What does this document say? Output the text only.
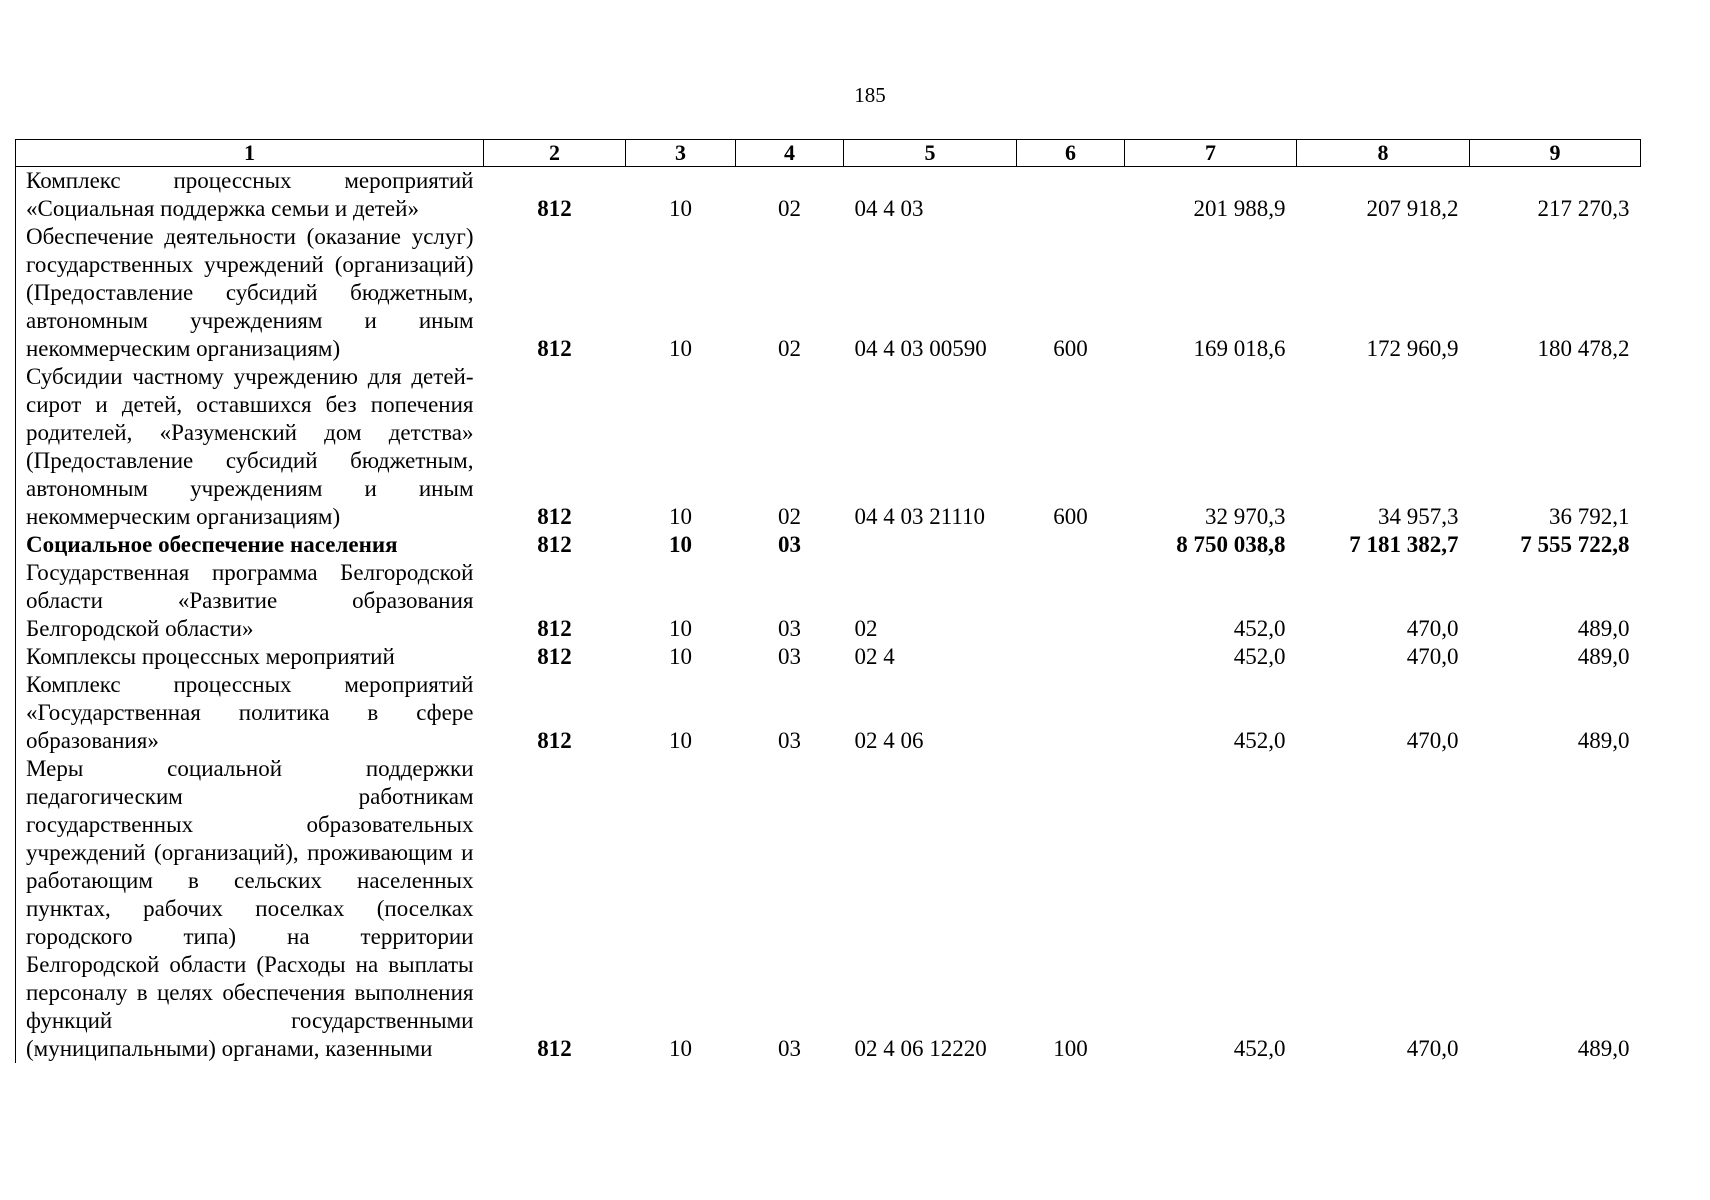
185
1	2	3	4	5	6	7	8	9
Комплекс процессных мероприятий «Социальная поддержка семьи и детей»	812	10	02	04 4 03		201 988,9	207 918,2	217 270,3
Обеспечение деятельности (оказание услуг) государственных учреждений (организаций) (Предоставление субсидий бюджетным, автономным учреждениям и иным некоммерческим организациям)	812	10	02	04 4 03 00590	600	169 018,6	172 960,9	180 478,2
Субсидии частному учреждению для детей-сирот и детей, оставшихся без попечения родителей, «Разуменский дом детства» (Предоставление субсидий бюджетным, автономным учреждениям и иным некоммерческим организациям)	812	10	02	04 4 03 21110	600	32 970,3	34 957,3	36 792,1
Социальное обеспечение населения	812	10	03			8 750 038,8	7 181 382,7	7 555 722,8
Государственная программа Белгородской области «Развитие образования Белгородской области»	812	10	03	02		452,0	470,0	489,0
Комплексы процессных мероприятий	812	10	03	02 4		452,0	470,0	489,0
Комплекс процессных мероприятий «Государственная политика в сфере образования»	812	10	03	02 4 06		452,0	470,0	489,0
Меры социальной поддержки педагогическим работникам государственных образовательных учреждений (организаций), проживающим и работающим в сельских населенных пунктах, рабочих поселках (поселках городского типа) на территории Белгородской области (Расходы на выплаты персоналу в целях обеспечения выполнения функций государственными (муниципальными) органами, казенными	812	10	03	02 4 06 12220	100	452,0	470,0	489,0
